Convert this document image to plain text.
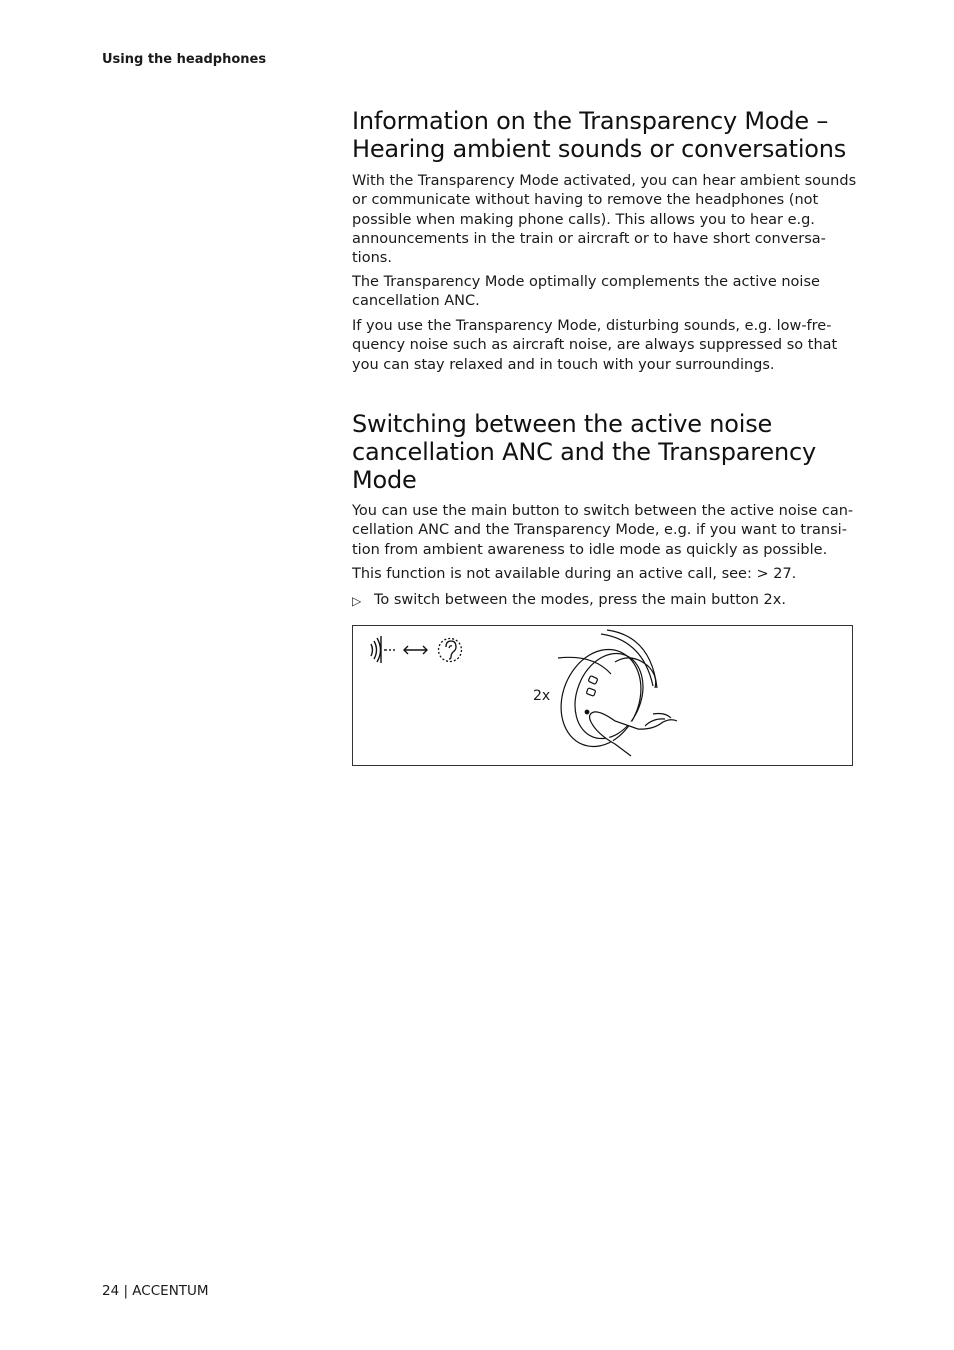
Using the headphones
Information on the Transparency Mode – Hearing ambient sounds or conversations

With the Transparency Mode activated, you can hear ambient sounds or communicate without having to remove the headphones (not possible when making phone calls). This allows you to hear e.g. announcements in the train or aircraft or to have short conversa-tions.

The Transparency Mode optimally complements the active noise cancellation ANC.

If you use the Transparency Mode, disturbing sounds, e.g. low-fre-quency noise such as aircraft noise, are always suppressed so that you can stay relaxed and in touch with your surroundings.

Switching between the active noise cancellation ANC and the Transparency Mode

You can use the main button to switch between the active noise can-cellation ANC and the Transparency Mode, e.g. if you want to transi-tion from ambient awareness to idle mode as quickly as possible.

This function is not available during an active call, see: > 27.

▷ To switch between the modes, press the main button 2x.

2x
24 | ACCENTUM
